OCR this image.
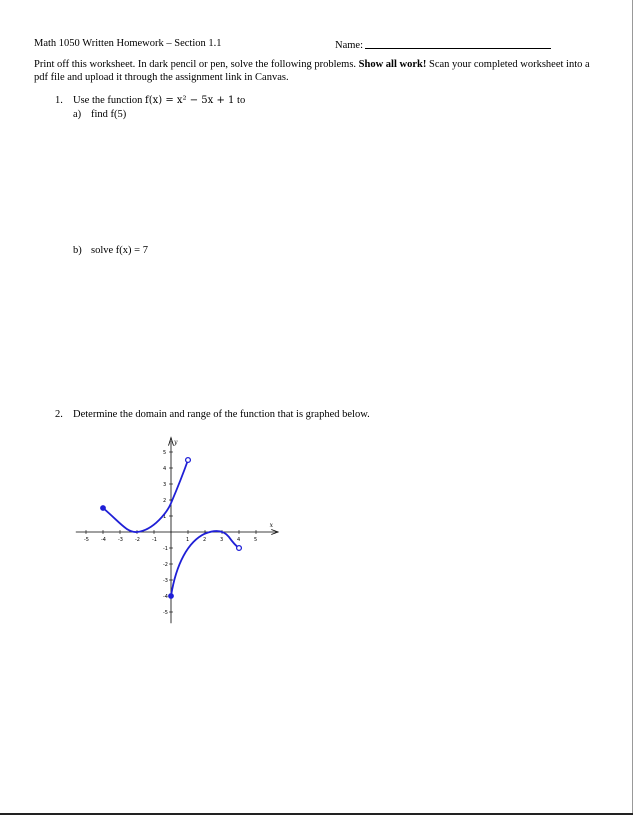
Math 1050 Written Homework – Section 1.1	Name:
Print off this worksheet. In dark pencil or pen, solve the following problems. Show all work! Scan your completed worksheet into a pdf file and upload it through the assignment link in Canvas.
1. Use the function f(x) = x² − 5x + 1 to
a) find f(5)
b) solve f(x) = 7
2. Determine the domain and range of the function that is graphed below.
x
y
-5 -4 -3 -2 -1	1	2	3	4	5
5
4
3
2
1
-1
-2
-3
-4
-5
